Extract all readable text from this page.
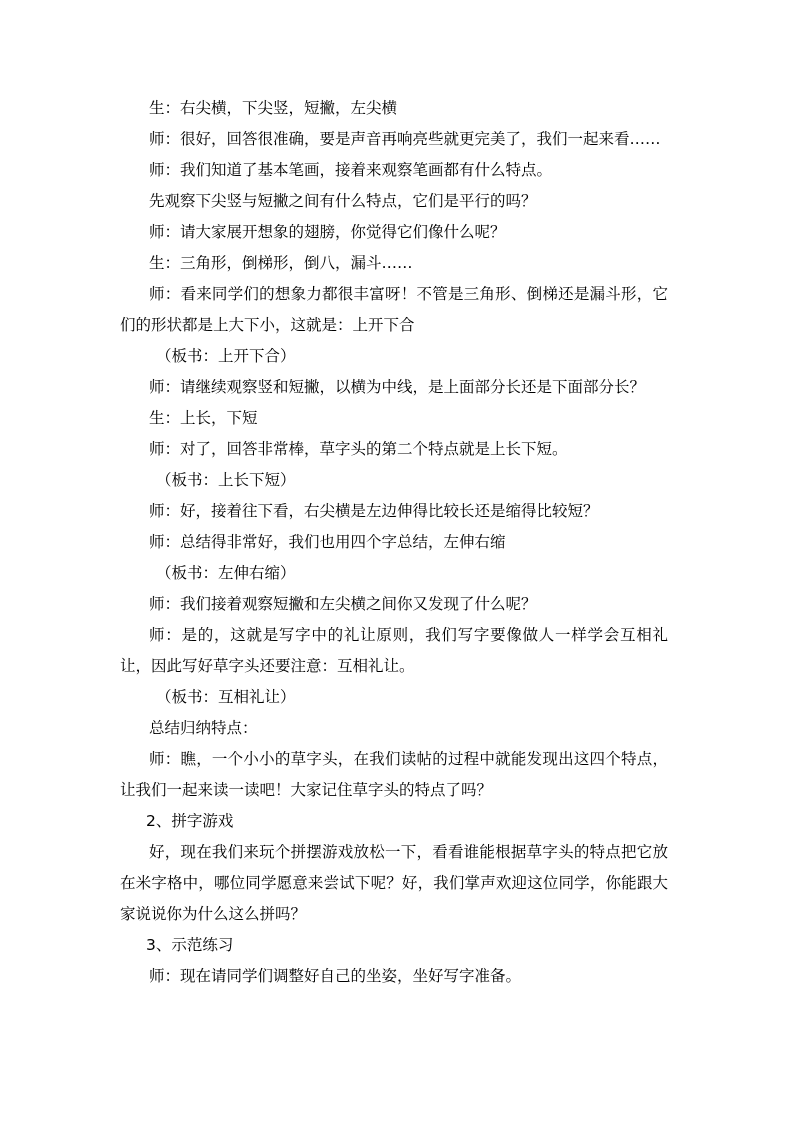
生：右尖横，下尖竖，短撇，左尖横

师：很好，回答很准确，要是声音再响亮些就更完美了，我们一起来看……

师：我们知道了基本笔画，接着来观察笔画都有什么特点。

先观察下尖竖与短撇之间有什么特点，它们是平行的吗？

师：请大家展开想象的翅膀，你觉得它们像什么呢？

生：三角形，倒梯形，倒八，漏斗……

师：看来同学们的想象力都很丰富呀！不管是三角形、倒梯还是漏斗形，它们的形状都是上大下小，这就是：上开下合

（板书：上开下合）

师：请继续观察竖和短撇，以横为中线，是上面部分长还是下面部分长？

生：上长，下短

师：对了，回答非常棒，草字头的第二个特点就是上长下短。

（板书：上长下短）

师：好，接着往下看，右尖横是左边伸得比较长还是缩得比较短？

师：总结得非常好，我们也用四个字总结，左伸右缩

（板书：左伸右缩）

师：我们接着观察短撇和左尖横之间你又发现了什么呢？

师：是的，这就是写字中的礼让原则，我们写字要像做人一样学会互相礼让，因此写好草字头还要注意：互相礼让。

（板书：互相礼让）

总结归纳特点：

师：瞧，一个小小的草字头，在我们读帖的过程中就能发现出这四个特点，让我们一起来读一读吧！大家记住草字头的特点了吗？

2、拼字游戏

好，现在我们来玩个拼摆游戏放松一下，看看谁能根据草字头的特点把它放在米字格中，哪位同学愿意来尝试下呢？好，我们掌声欢迎这位同学，你能跟大家说说你为什么这么拼吗？

3、示范练习

师：现在请同学们调整好自己的坐姿，坐好写字准备。
